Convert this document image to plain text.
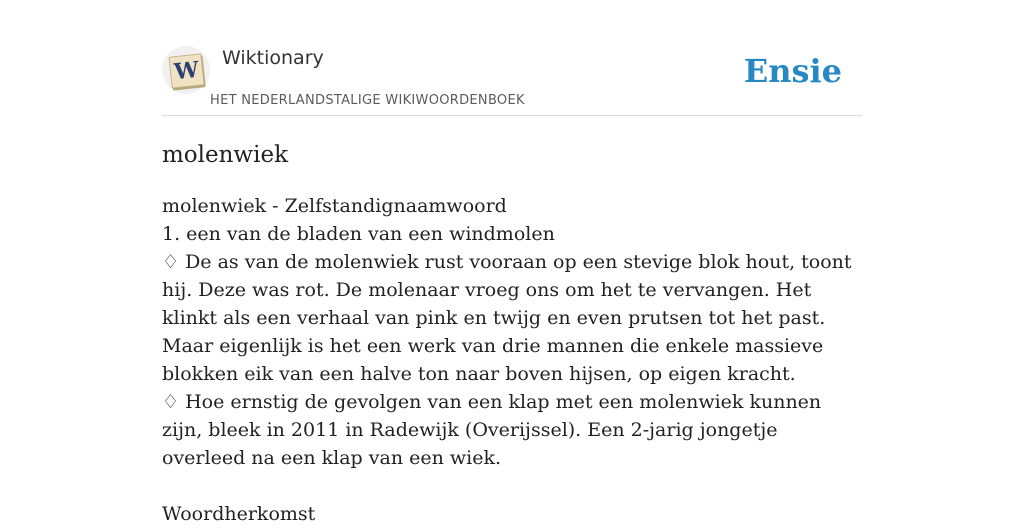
W Wiktionary
HET NEDERLANDSTALIGE WIKIWOORDENBOEK
Ensie
molenwiek

molenwiek - Zelfstandignaamwoord

1. een van de bladen van een windmolen

♢ De as van de molenwiek rust vooraan op een stevige blok hout, toont hij. Deze was rot. De molenaar vroeg ons om het te vervangen. Het klinkt als een verhaal van pink en twijg en even prutsen tot het past. Maar eigenlijk is het een werk van drie mannen die enkele massieve blokken eik van een halve ton naar boven hijsen, op eigen kracht.

♢ Hoe ernstig de gevolgen van een klap met een molenwiek kunnen zijn, bleek in 2011 in Radewijk (Overijssel). Een 2-jarig jongetje overleed na een klap van een wiek.

Woordherkomst
